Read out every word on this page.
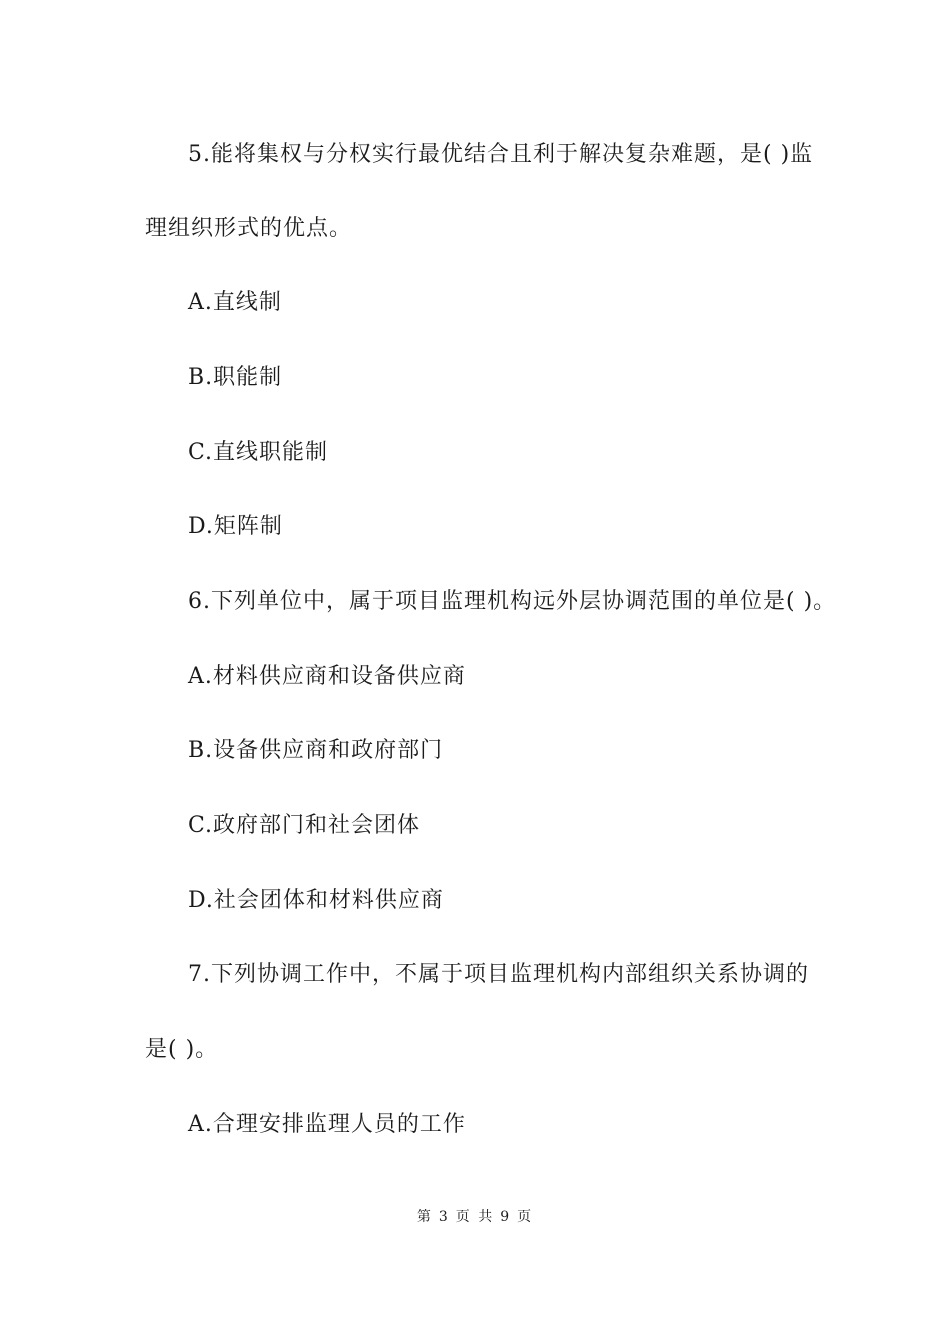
5.能将集权与分权实行最优结合且利于解决复杂难题，是( )监
理组织形式的优点。
A.直线制
B.职能制
C.直线职能制
D.矩阵制
6.下列单位中，属于项目监理机构远外层协调范围的单位是( )。
A.材料供应商和设备供应商
B.设备供应商和政府部门
C.政府部门和社会团体
D.社会团体和材料供应商
7.下列协调工作中，不属于项目监理机构内部组织关系协调的
是( )。
A.合理安排监理人员的工作
第 3 页 共 9 页
